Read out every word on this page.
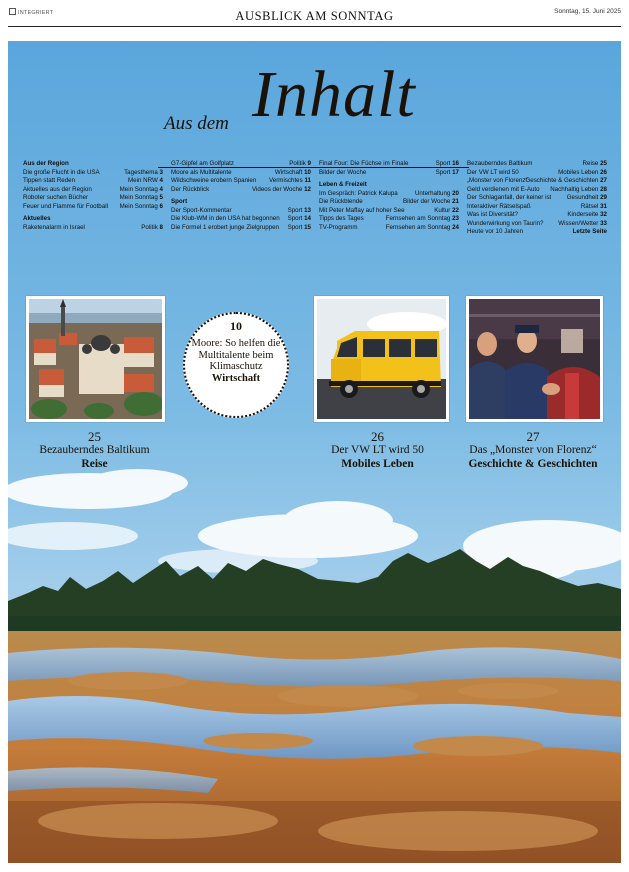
INTEGRIERT	AUSBLICK AM SONNTAG	Sonntag, 15. Juni 2025
Aus dem Inhalt
Aus der Region
Die große Flucht in die USA	Tagesthema 3
Tippen statt Reden	Mein NRW 4
Aktuelles aus der Region	Mein Sonntag 4
Roboter suchen Bücher	Mein Sonntag 5
Feuer und Flamme für Football Mein Sonntag 6
Aktuelles
Raketenalarm in Israel	Politik 8
G7-Gipfel am Golfplatz	Politik 9
Moore als Multitalente	Wirtschaft 10
Wildschweine erobern Spanien Vermischtes 11
Der Rückblick	Videos der Woche 12
Sport
Der Sport-Kommentar	Sport 13
Die Klub-WM in den USA hat begonnen Sport 14
Die Formel 1 erobert junge Zielgruppen Sport 15
Final Four: Die Füchse im Finale	Sport 16
Bilder der Woche	Sport 17
Leben & Freizeit
Im Gespräch: Patrick Kalupa	Unterhaltung 20
Die Rückblende	Bilder der Woche 21
Mit Peter Maffay auf hoher See	Kultur 22
Tipps des Tages	Fernsehen am Sonntag 23
TV-Programm	Fernsehen am Sonntag 24
Bezauberndes Baltikum	Reise 25
Der VW LT wird 50	Mobiles Leben 26
„Monster von Florenz“
Geschichte & Geschichten 27
Geld verdienen mit E-Auto Nachhaltig Leben 28
Der Schlaganfall, der keiner ist Gesundheit 29
Interaktiver Rätselspaß	Rätsel 31
Was ist Diversität?	Kinderseite 32
Wunderwirkung von Taurin? Wissen/Wetter 33
Heute vor 10 Jahren	Letzte Seite
25
Bezauberndes Baltikum
Reise
10
Moore: So helfen die Multitalente beim Klimaschutz
Wirtschaft
26
Der VW LT wird 50
Mobiles Leben
27
Das „Monster von Florenz“
Geschichte & Geschichten
